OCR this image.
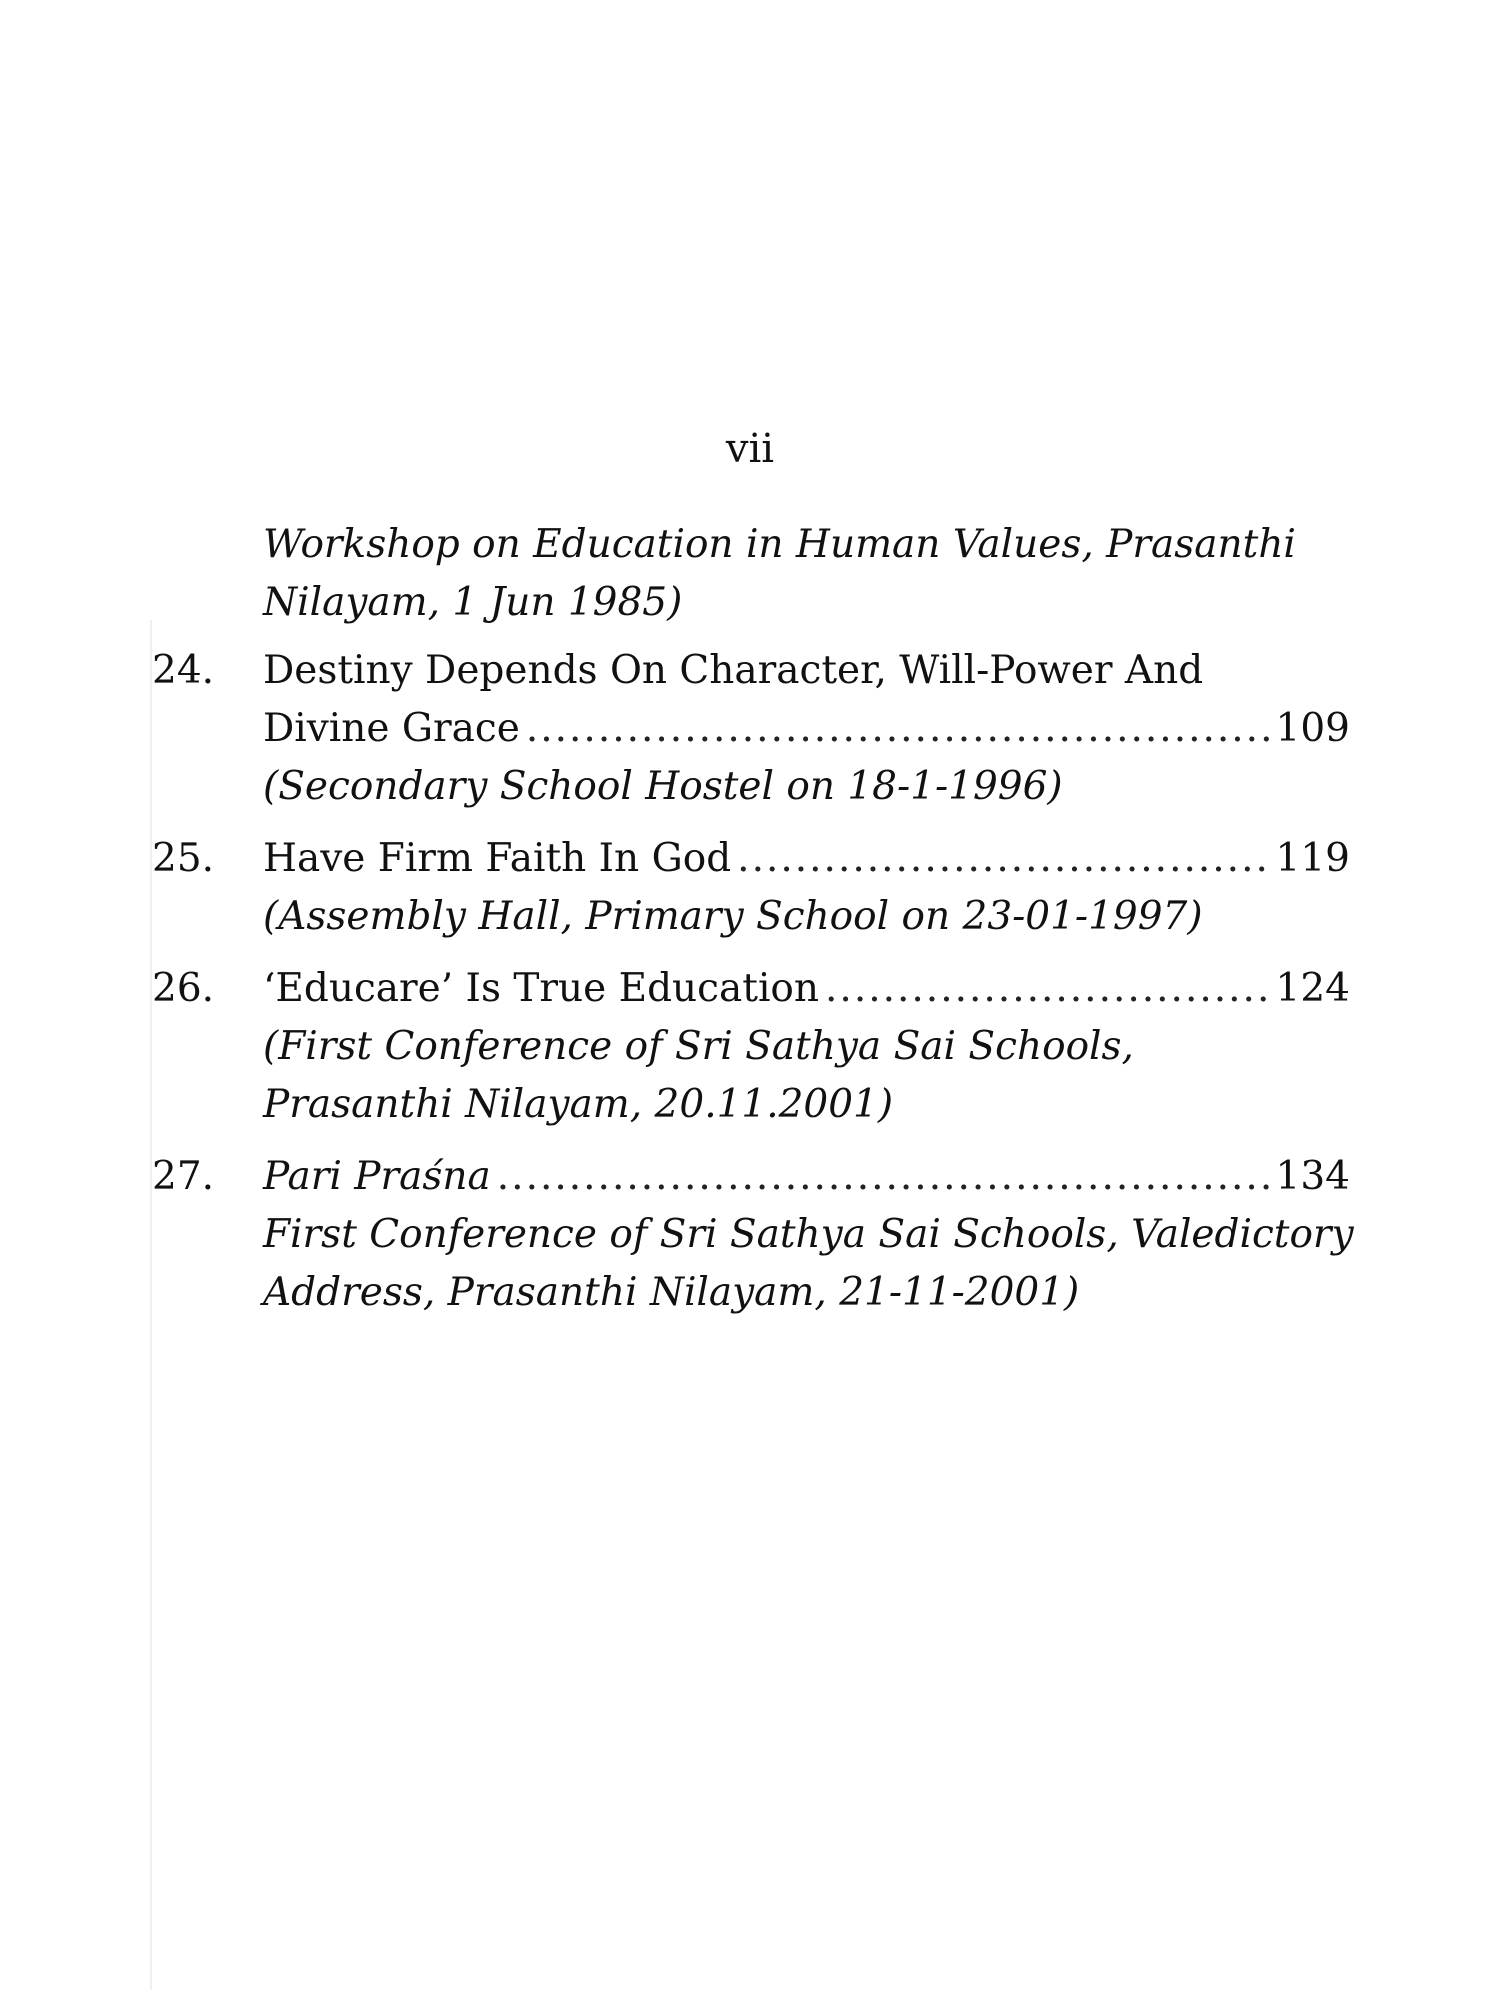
vii
Workshop on Education in Human Values, Prasanthi
Nilayam, 1 Jun 1985)
24. Destiny Depends On Character, Will-Power And
Divine Grace .....	109
(Secondary School Hostel on 18-1-1996)
25. Have Firm Faith In God .....	119
(Assembly Hall, Primary School on 23-01-1997)
26. ‘Educare’ Is True Education .....	124
(First Conference of Sri Sathya Sai Schools,
Prasanthi Nilayam, 20.11.2001)
27. Pari Praśna .....	134
First Conference of Sri Sathya Sai Schools, Valedictory
Address, Prasanthi Nilayam, 21-11-2001)
